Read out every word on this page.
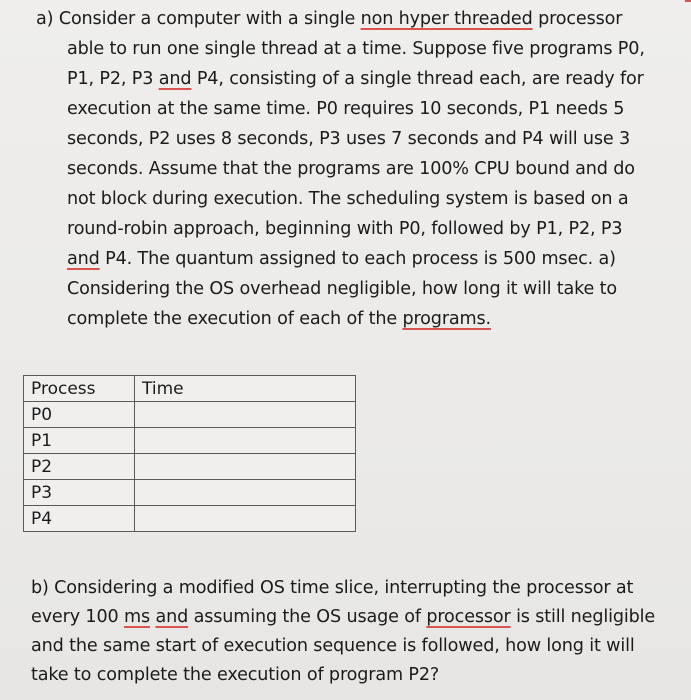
a) Consider a computer with a single non hyper threaded processor
able to run one single thread at a time. Suppose five programs P0,
P1, P2, P3 and P4, consisting of a single thread each, are ready for
execution at the same time. P0 requires 10 seconds, P1 needs 5
seconds, P2 uses 8 seconds, P3 uses 7 seconds and P4 will use 3
seconds. Assume that the programs are 100% CPU bound and do
not block during execution. The scheduling system is based on a
round-robin approach, beginning with P0, followed by P1, P2, P3
and P4. The quantum assigned to each process is 500 msec. a)
Considering the OS overhead negligible, how long it will take to
complete the execution of each of the programs.
Process	Time
P0	
P1	
P2	
P3	
P4	
b) Considering a modified OS time slice, interrupting the processor at
every 100 ms and assuming the OS usage of processor is still negligible
and the same start of execution sequence is followed, how long it will
take to complete the execution of program P2?
